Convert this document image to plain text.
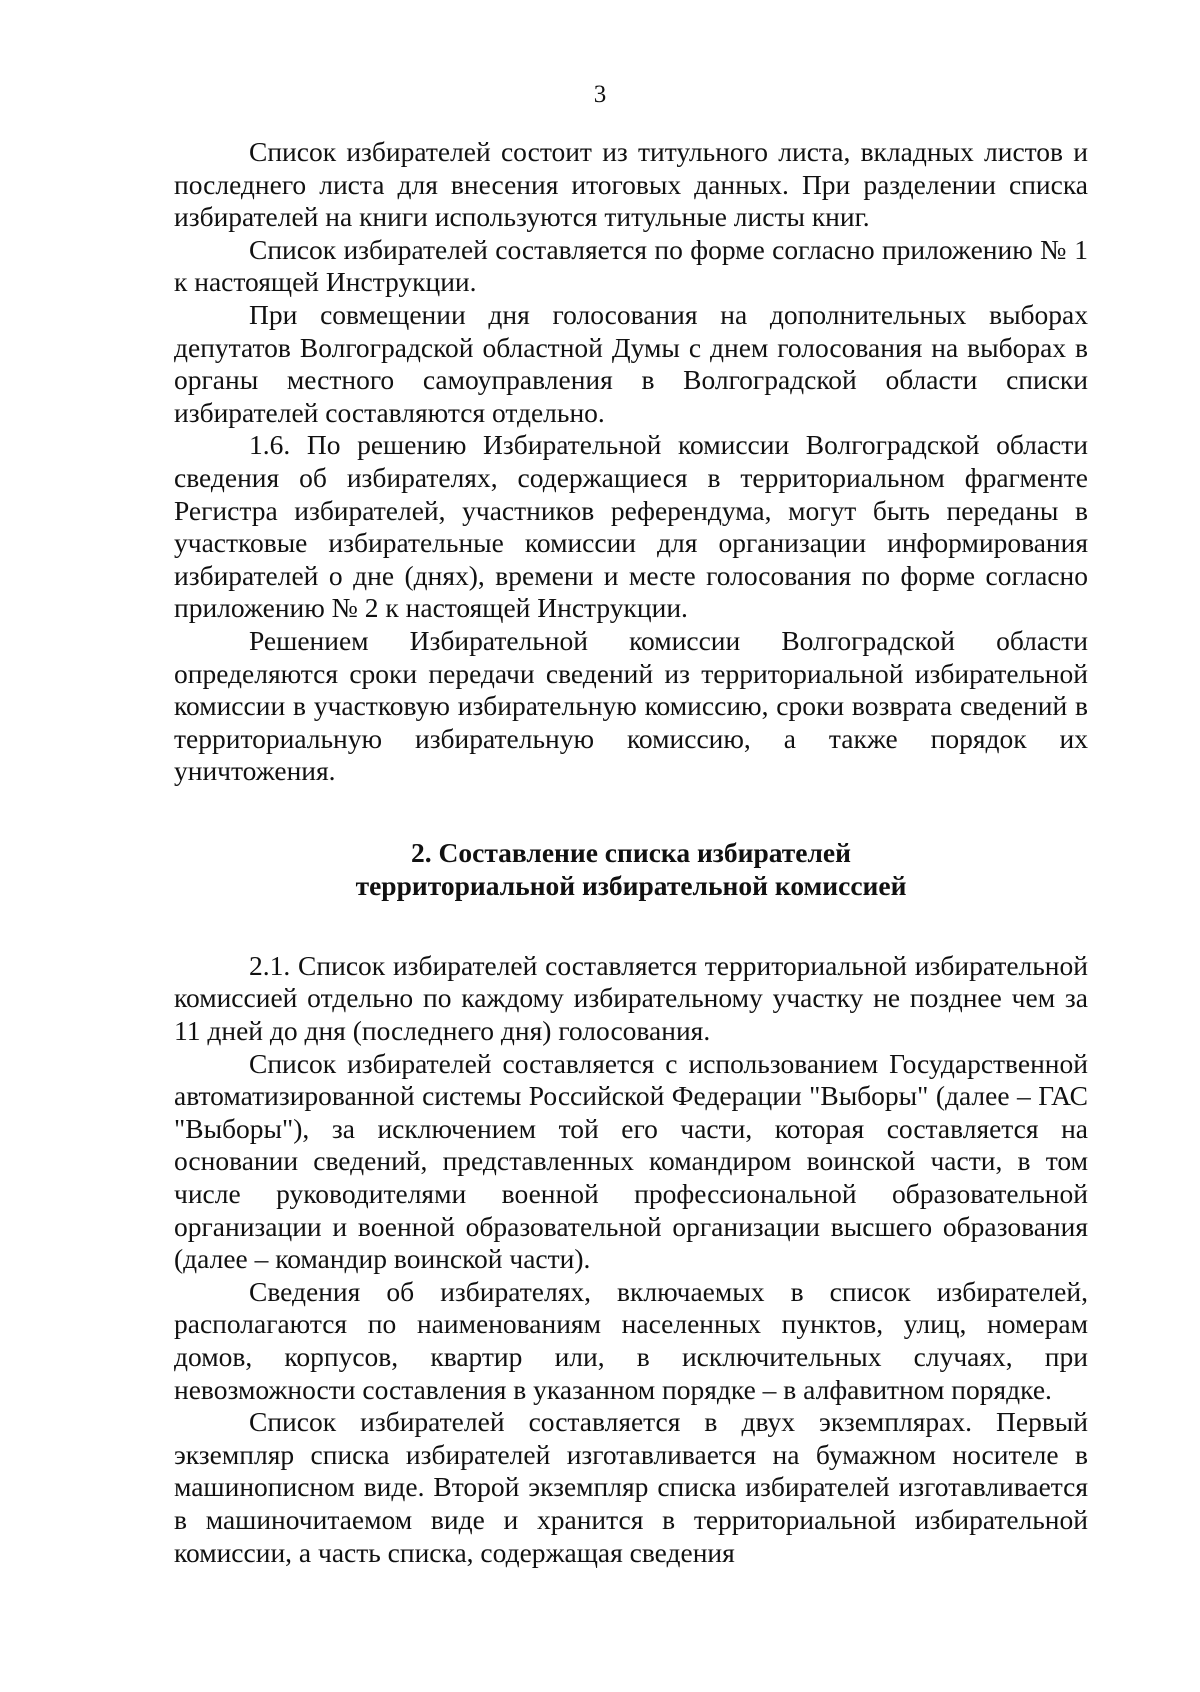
3

Список избирателей состоит из титульного листа, вкладных листов и последнего листа для внесения итоговых данных. При разделении списка избирателей на книги используются титульные листы книг.

Список избирателей составляется по форме согласно приложению № 1 к настоящей Инструкции.

При совмещении дня голосования на дополнительных выборах депутатов Волгоградской областной Думы с днем голосования на выборах в органы местного самоуправления в Волгоградской области списки избирателей составляются отдельно.

1.6. По решению Избирательной комиссии Волгоградской области сведения об избирателях, содержащиеся в территориальном фрагменте Регистра избирателей, участников референдума, могут быть переданы в участковые избирательные комиссии для организации информирования избирателей о дне (днях), времени и месте голосования по форме согласно приложению № 2 к настоящей Инструкции.

Решением Избирательной комиссии Волгоградской области определяются сроки передачи сведений из территориальной избирательной комиссии в участковую избирательную комиссию, сроки возврата сведений в территориальную избирательную комиссию, а также порядок их уничтожения.

2. Составление списка избирателей
территориальной избирательной комиссией

2.1. Список избирателей составляется территориальной избирательной комиссией отдельно по каждому избирательному участку не позднее чем за 11 дней до дня (последнего дня) голосования.

Список избирателей составляется с использованием Государственной автоматизированной системы Российской Федерации "Выборы" (далее – ГАС "Выборы"), за исключением той его части, которая составляется на основании сведений, представленных командиром воинской части, в том числе руководителями военной профессиональной образовательной организации и военной образовательной организации высшего образования (далее – командир воинской части).

Сведения об избирателях, включаемых в список избирателей, располагаются по наименованиям населенных пунктов, улиц, номерам домов, корпусов, квартир или, в исключительных случаях, при невозможности составления в указанном порядке – в алфавитном порядке.

Список избирателей составляется в двух экземплярах. Первый экземпляр списка избирателей изготавливается на бумажном носителе в машинописном виде. Второй экземпляр списка избирателей изготавливается в машиночитаемом виде и хранится в территориальной избирательной комиссии, а часть списка, содержащая сведения
